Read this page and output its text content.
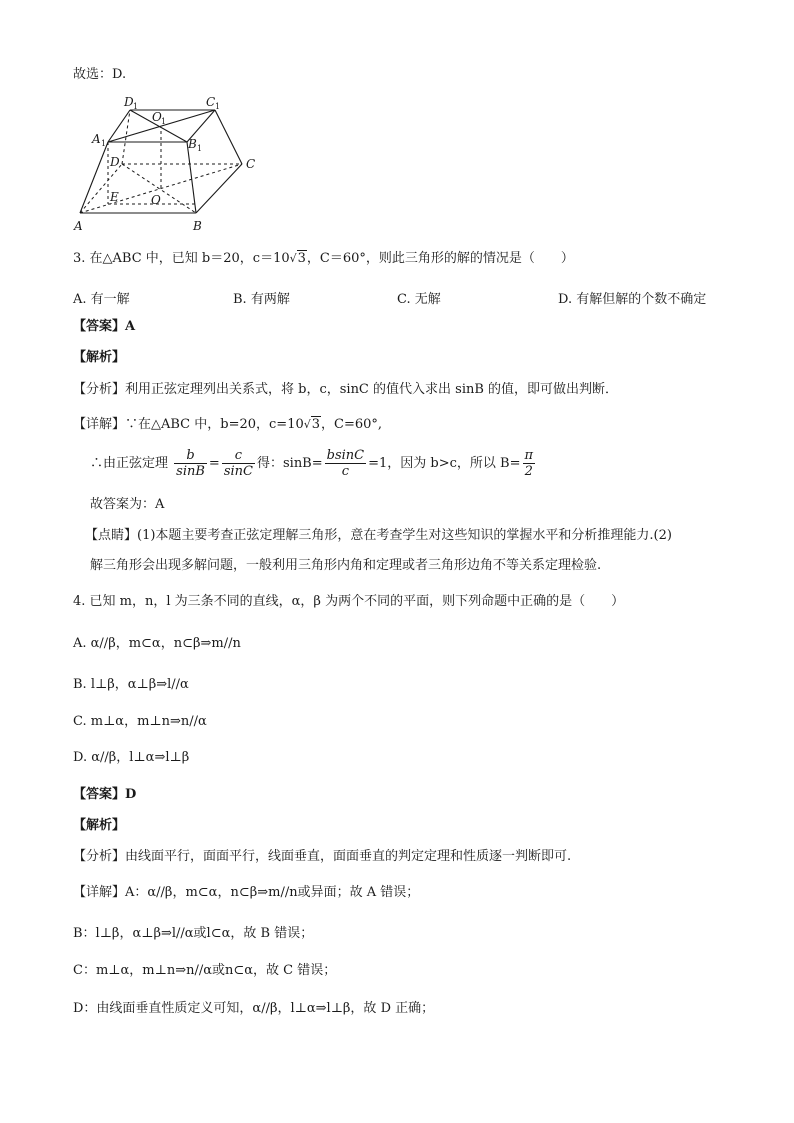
故选：D.
D 1	C 1
O 1
A 1	B 1
D	C
O
E
A	B
3. 在△ABC 中，已知 b＝20，c＝10√3，C＝60°，则此三角形的解的情况是（　　）
A. 有一解	B. 有两解	C. 无解	D. 有解但解的个数不确定
【答案】A
【解析】
【分析】利用正弦定理列出关系式，将 b，c，sinC 的值代入求出 sinB 的值，即可做出判断．
【详解】∵在△ABC 中，b=20，c=10√3，C=60°,
∴由正弦定理 $\frac{b}{\sin B} = \frac{c}{\sin C}$ 得：$\sin B= \frac{bsinC}{c} =1$，因为 b>c，所以 $B= \frac{\pi}{2}$
故答案为：A
【点睛】(1)本题主要考查正弦定理解三角形，意在考查学生对这些知识的掌握水平和分析推理能力.(2)
解三角形会出现多解问题，一般利用三角形内角和定理或者三角形边角不等关系定理检验.
4. 已知 m，n，l 为三条不同的直线，α，β 为两个不同的平面，则下列命题中正确的是（　　）
A. α//β，m⊂α，n⊂β⇒m//n
B. l⊥β，α⊥β⇒l//α
C. m⊥α，m⊥n⇒n//α
D. α//β，l⊥α⇒l⊥β
【答案】D
【解析】
【分析】由线面平行，面面平行，线面垂直，面面垂直的判定定理和性质逐一判断即可.
【详解】A：α//β，m⊂α，n⊂β⇒m//n或异面；故 A 错误；
B：l⊥β，α⊥β⇒l//α或l⊂α，故 B 错误；
C：m⊥α，m⊥n⇒n//α或n⊂α，故 C 错误；
D：由线面垂直性质定义可知，α//β，l⊥α⇒l⊥β，故 D 正确；
